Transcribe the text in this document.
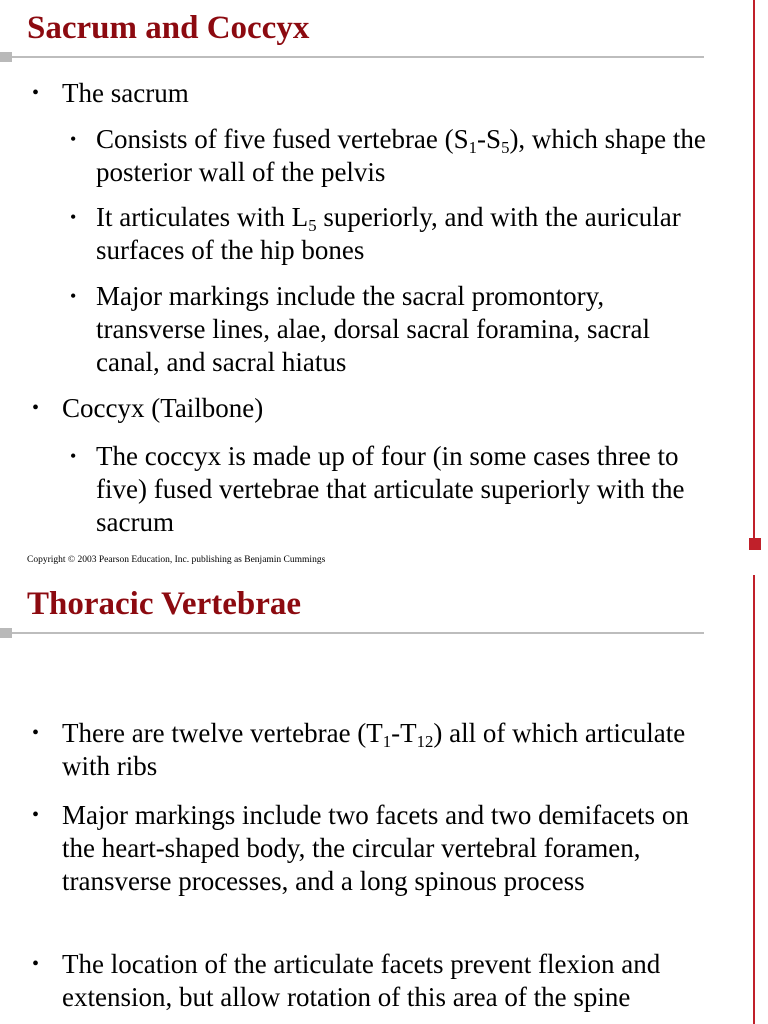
Sacrum and Coccyx

• The sacrum

• Consists of five fused vertebrae $(S_1-S_5)$, which shape the posterior wall of the pelvis

• It articulates with $L_5$ superiorly, and with the auricular surfaces of the hip bones

• Major markings include the sacral promontory, transverse lines, alae, dorsal sacral foramina, sacral canal, and sacral hiatus

• Coccyx (Tailbone)

• The coccyx is made up of four (in some cases three to five) fused vertebrae that articulate superiorly with the sacrum

Copyright © 2003 Pearson Education, Inc. publishing as Benjamin Cummings

Thoracic Vertebrae

• There are twelve vertebrae $(T_1-T_{12})$ all of which articulate with ribs

• Major markings include two facets and two demifacets on the heart-shaped body, the circular vertebral foramen, transverse processes, and a long spinous process

• The location of the articulate facets prevent flexion and extension, but allow rotation of this area of the spine
